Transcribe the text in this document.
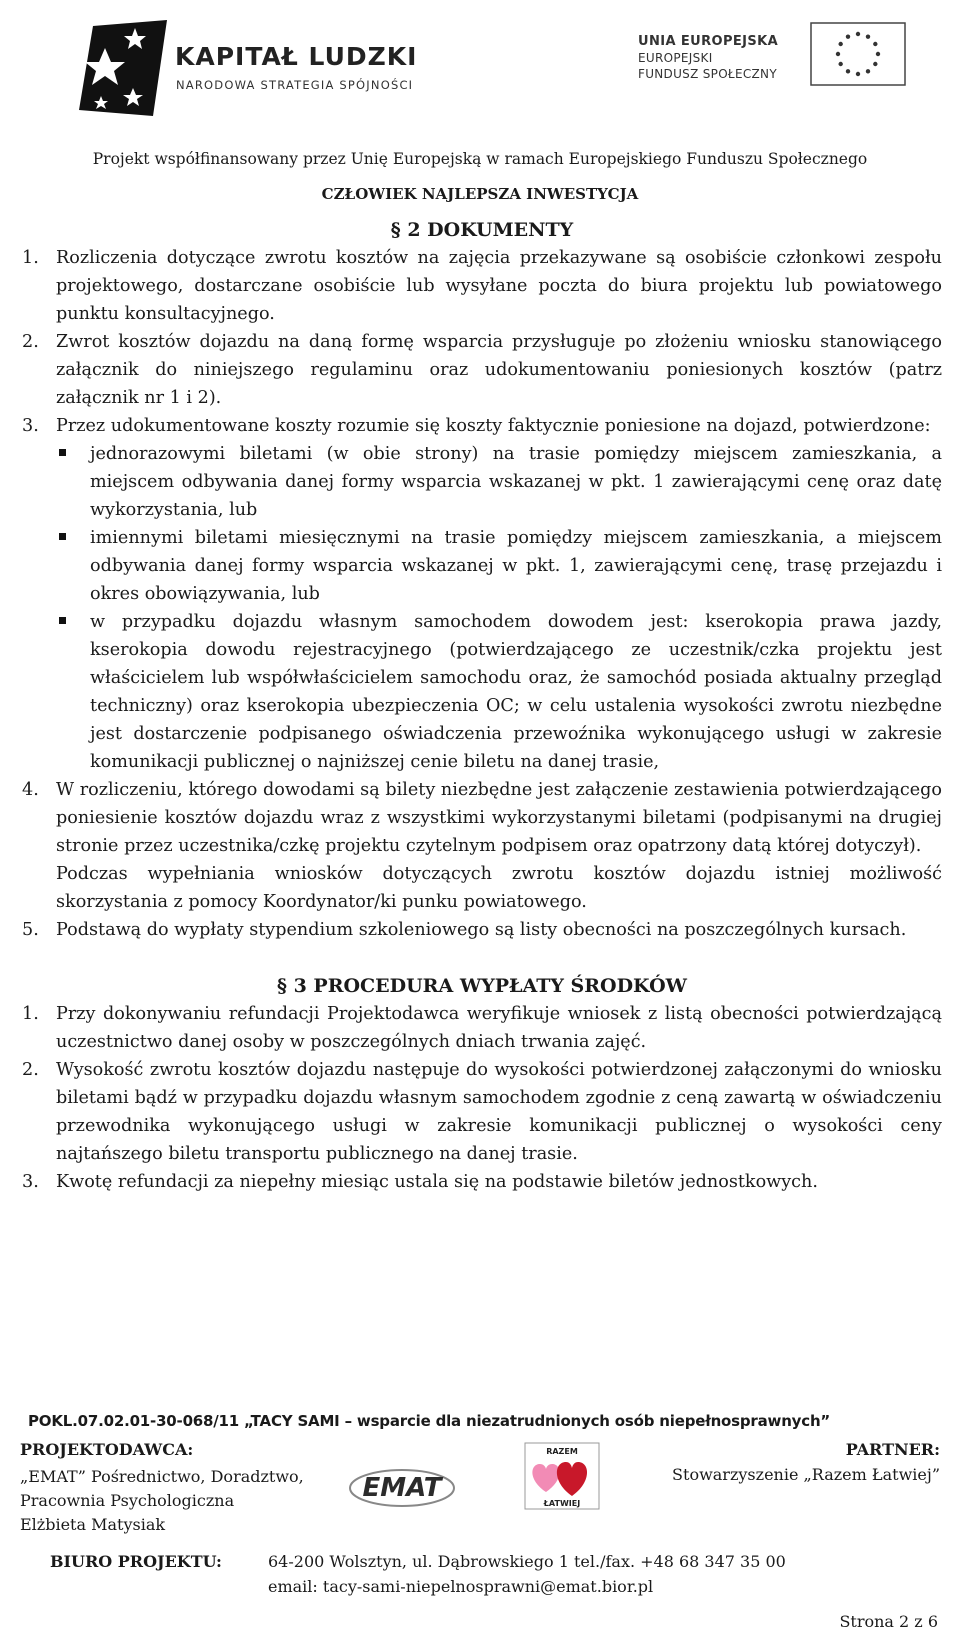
KAPITAŁ LUDZKI
NARODOWA STRATEGIA SPÓJNOŚCI
UNIA EUROPEJSKA
EUROPEJSKI
FUNDUSZ SPOŁECZNY
Projekt współfinansowany przez Unię Europejską w ramach Europejskiego Funduszu Społecznego
CZŁOWIEK NAJLEPSZA INWESTYCJA
§ 2 DOKUMENTY
1. Rozliczenia dotyczące zwrotu kosztów na zajęcia przekazywane są osobiście członkowi zespołu projektowego, dostarczane osobiście lub wysyłane poczta do biura projektu lub powiatowego punktu konsultacyjnego.
2. Zwrot kosztów dojazdu na daną formę wsparcia przysługuje po złożeniu wniosku stanowiącego załącznik do niniejszego regulaminu oraz udokumentowaniu poniesionych kosztów (patrz załącznik nr 1 i 2).
3. Przez udokumentowane koszty rozumie się koszty faktycznie poniesione na dojazd, potwierdzone:
jednorazowymi biletami (w obie strony) na trasie pomiędzy miejscem zamieszkania, a miejscem odbywania danej formy wsparcia wskazanej w pkt. 1 zawierającymi cenę oraz datę wykorzystania, lub
imiennymi biletami miesięcznymi na trasie pomiędzy miejscem zamieszkania, a miejscem odbywania danej formy wsparcia wskazanej w pkt. 1, zawierającymi cenę, trasę przejazdu i okres obowiązywania, lub
w przypadku dojazdu własnym samochodem dowodem jest: kserokopia prawa jazdy, kserokopia dowodu rejestracyjnego (potwierdzającego ze uczestnik/czka projektu jest właścicielem lub współwłaścicielem samochodu oraz, że samochód posiada aktualny przegląd techniczny) oraz kserokopia ubezpieczenia OC; w celu ustalenia wysokości zwrotu niezbędne jest dostarczenie podpisanego oświadczenia przewoźnika wykonującego usługi w zakresie komunikacji publicznej o najniższej cenie biletu na danej trasie,
4. W rozliczeniu, którego dowodami są bilety niezbędne jest załączenie zestawienia potwierdzającego poniesienie kosztów dojazdu wraz z wszystkimi wykorzystanymi biletami (podpisanymi na drugiej stronie przez uczestnika/czkę projektu czytelnym podpisem oraz opatrzony datą której dotyczył).
Podczas wypełniania wniosków dotyczących zwrotu kosztów dojazdu istniej możliwość skorzystania z pomocy Koordynator/ki punku powiatowego.
5. Podstawą do wypłaty stypendium szkoleniowego są listy obecności na poszczególnych kursach.
§ 3 PROCEDURA WYPŁATY ŚRODKÓW
1. Przy dokonywaniu refundacji Projektodawca weryfikuje wniosek z listą obecności potwierdzającą uczestnictwo danej osoby w poszczególnych dniach trwania zajęć.
2. Wysokość zwrotu kosztów dojazdu następuje do wysokości potwierdzonej załączonymi do wniosku biletami bądź w przypadku dojazdu własnym samochodem zgodnie z ceną zawartą w oświadczeniu przewodnika wykonującego usługi w zakresie komunikacji publicznej o wysokości ceny najtańszego biletu transportu publicznego na danej trasie.
3. Kwotę refundacji za niepełny miesiąc ustala się na podstawie biletów jednostkowych.
POKL.07.02.01-30-068/11 „TACY SAMI – wsparcie dla niezatrudnionych osób niepełnosprawnych”
PROJEKTODAWCA:
„EMAT” Pośrednictwo, Doradztwo,
Pracownia Psychologiczna
Elżbieta Matysiak
EMAT
RAZEM
ŁATWIEJ
PARTNER:
Stowarzyszenie „Razem Łatwiej”
BIURO PROJEKTU:	64-200 Wolsztyn, ul. Dąbrowskiego 1 tel./fax. +48 68 347 35 00
email: tacy-sami-niepelnosprawni@emat.bior.pl
Strona 2 z 6
